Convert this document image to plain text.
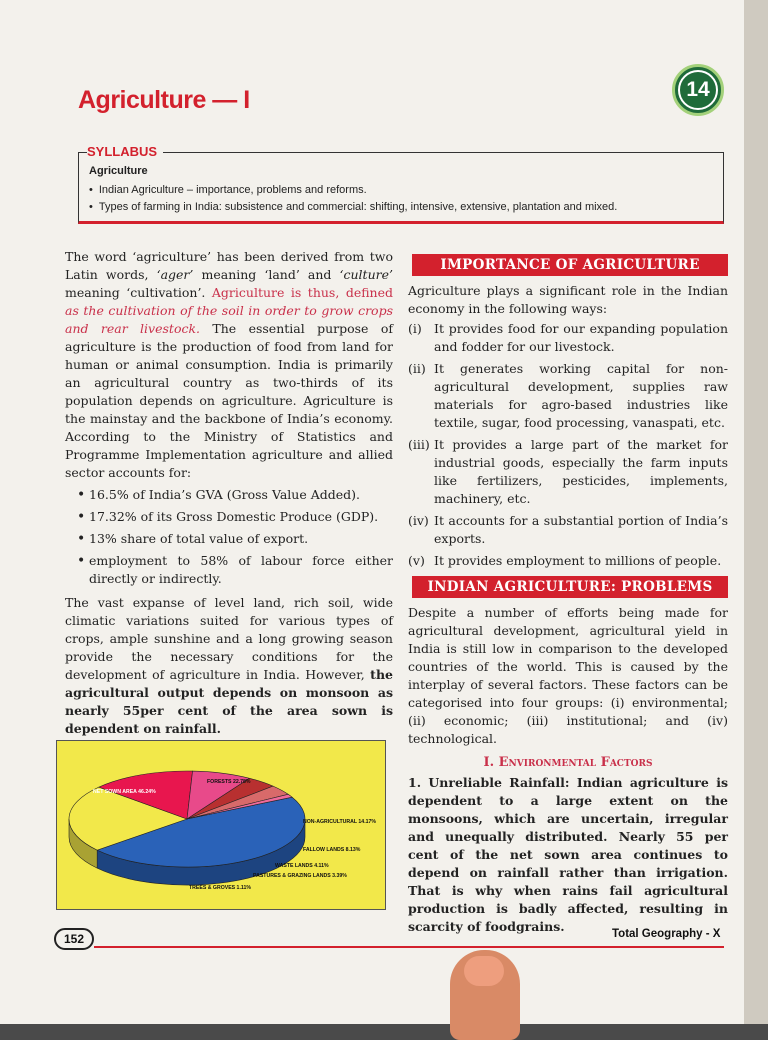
Agriculture — I	14
SYLLABUS
Agriculture
• Indian Agriculture – importance, problems and reforms.
• Types of farming in India: subsistence and commercial: shifting, intensive, extensive, plantation and mixed.

The word ‘agriculture’ has been derived from two Latin words, ‘ager’ meaning ‘land’ and ‘culture’ meaning ‘cultivation’. Agriculture is thus, defined as the cultivation of the soil in order to grow crops and rear livestock. The essential purpose of agriculture is the production of food from land for human or animal consumption. India is primarily an agricultural country as two-thirds of its population depends on agriculture. Agriculture is the mainstay and the backbone of India’s economy. According to the Ministry of Statistics and Programme Implementation agriculture and allied sector accounts for:

• 16.5% of India’s GVA (Gross Value Added).
• 17.32% of its Gross Domestic Produce (GDP).
• 13% share of total value of export.
• employment to 58% of labour force either directly or indirectly.

The vast expanse of level land, rich soil, wide climatic variations suited for various types of crops, ample sunshine and a long growing season provide the necessary conditions for the development of agriculture in India. However, the agricultural output depends on monsoon as nearly 55per cent of the area sown is dependent on rainfall.

IMPORTANCE OF AGRICULTURE

Agriculture plays a significant role in the Indian economy in the following ways:

(i) It provides food for our expanding population and fodder for our livestock.
(ii) It generates working capital for non-agricultural development, supplies raw materials for agro-based industries like textile, sugar, food processing, vanaspati, etc.
(iii) It provides a large part of the market for industrial goods, especially the farm inputs like fertilizers, pesticides, implements, machinery, etc.
(iv) It accounts for a substantial portion of India’s exports.
(v) It provides employment to millions of people.
INDIAN AGRICULTURE: PROBLEMS

Despite a number of efforts being made for agricultural development, agricultural yield in India is still low in comparison to the developed countries of the world. This is caused by the interplay of several factors. These factors can be categorised into four groups: (i) environmental; (ii) economic; (iii) institutional; and (iv) technological.

I. Environmental Factors

1. Unreliable Rainfall: Indian agriculture is dependent to a large extent on the monsoons, which are uncertain, irregular and unequally distributed. Nearly 55 per cent of the net sown area continues to depend on rainfall rather than irrigation. That is why when rains fail agricultural production is badly affected, resulting in scarcity of foodgrains.

NET SOWN AREA 46.24%
FORESTS 22.78%
NON-AGRICULTURAL 14.17%
FALLOW LANDS 8.13%
WASTE LANDS 4.11%
PASTURES & GRAZING LANDS 3.39%
TREES & GROVES 1.11%
152	Total Geography - X
